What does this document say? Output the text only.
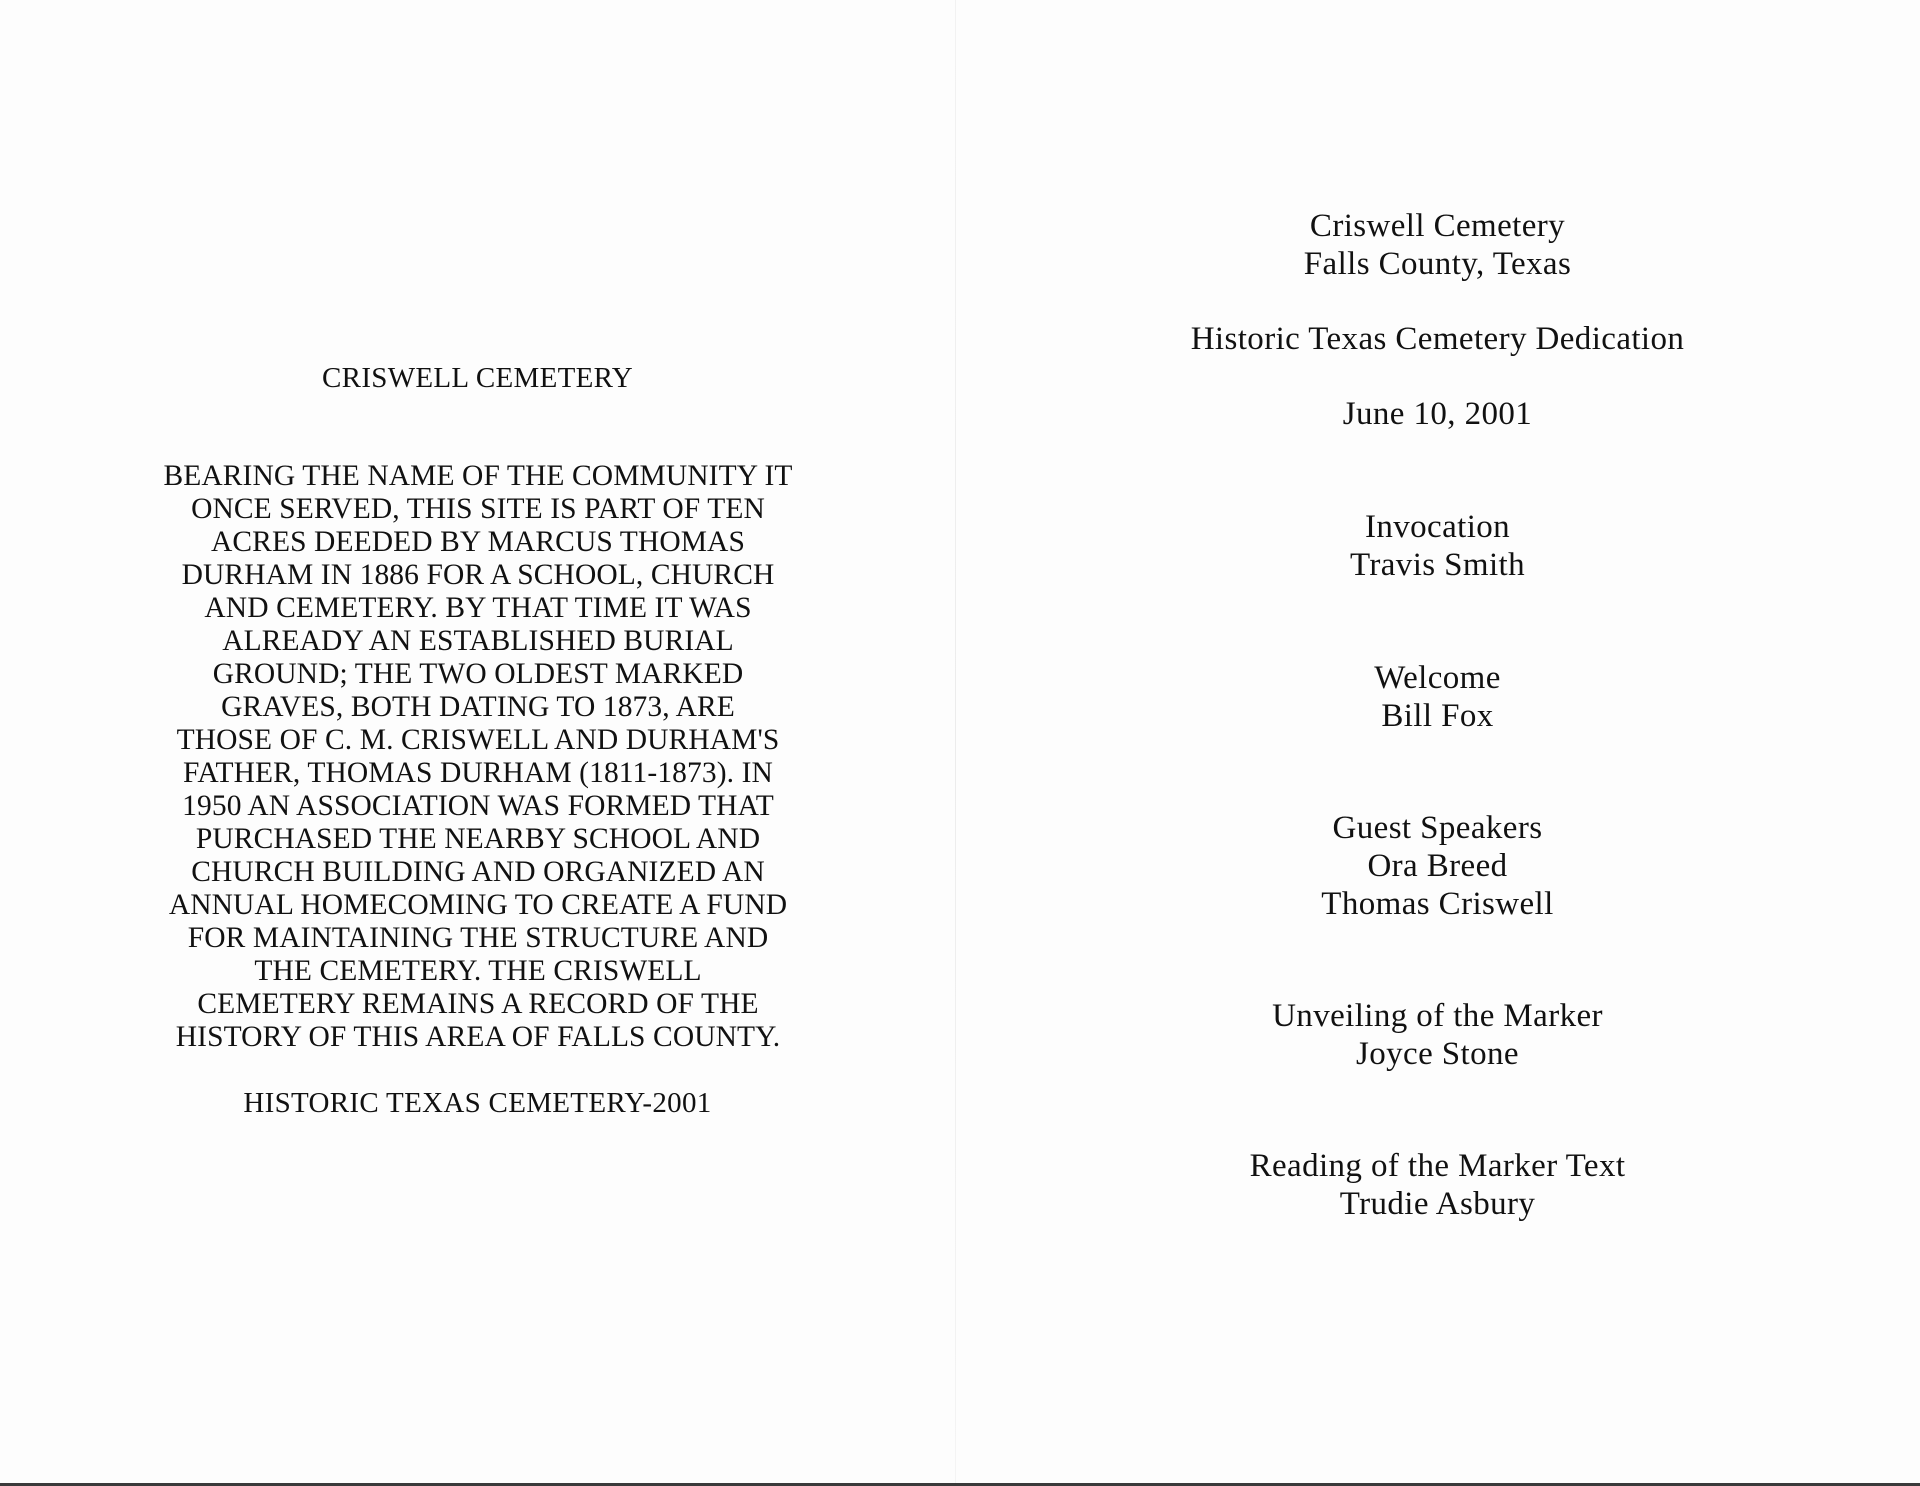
CRISWELL CEMETERY
BEARING THE NAME OF THE COMMUNITY IT
ONCE SERVED, THIS SITE IS PART OF TEN
ACRES DEEDED BY MARCUS THOMAS
DURHAM IN 1886 FOR A SCHOOL, CHURCH
AND CEMETERY. BY THAT TIME IT WAS
ALREADY AN ESTABLISHED BURIAL
GROUND; THE TWO OLDEST MARKED
GRAVES, BOTH DATING TO 1873, ARE
THOSE OF C. M. CRISWELL AND DURHAM'S
FATHER, THOMAS DURHAM (1811-1873). IN
1950 AN ASSOCIATION WAS FORMED THAT
PURCHASED THE NEARBY SCHOOL AND
CHURCH BUILDING AND ORGANIZED AN
ANNUAL HOMECOMING TO CREATE A FUND
FOR MAINTAINING THE STRUCTURE AND
THE CEMETERY. THE CRISWELL
CEMETERY REMAINS A RECORD OF THE
HISTORY OF THIS AREA OF FALLS COUNTY.
HISTORIC TEXAS CEMETERY-2001
Criswell Cemetery
Falls County, Texas
Historic Texas Cemetery Dedication
June 10, 2001
Invocation
Travis Smith
Welcome
Bill Fox
Guest Speakers
Ora Breed
Thomas Criswell
Unveiling of the Marker
Joyce Stone
Reading of the Marker Text
Trudie Asbury
